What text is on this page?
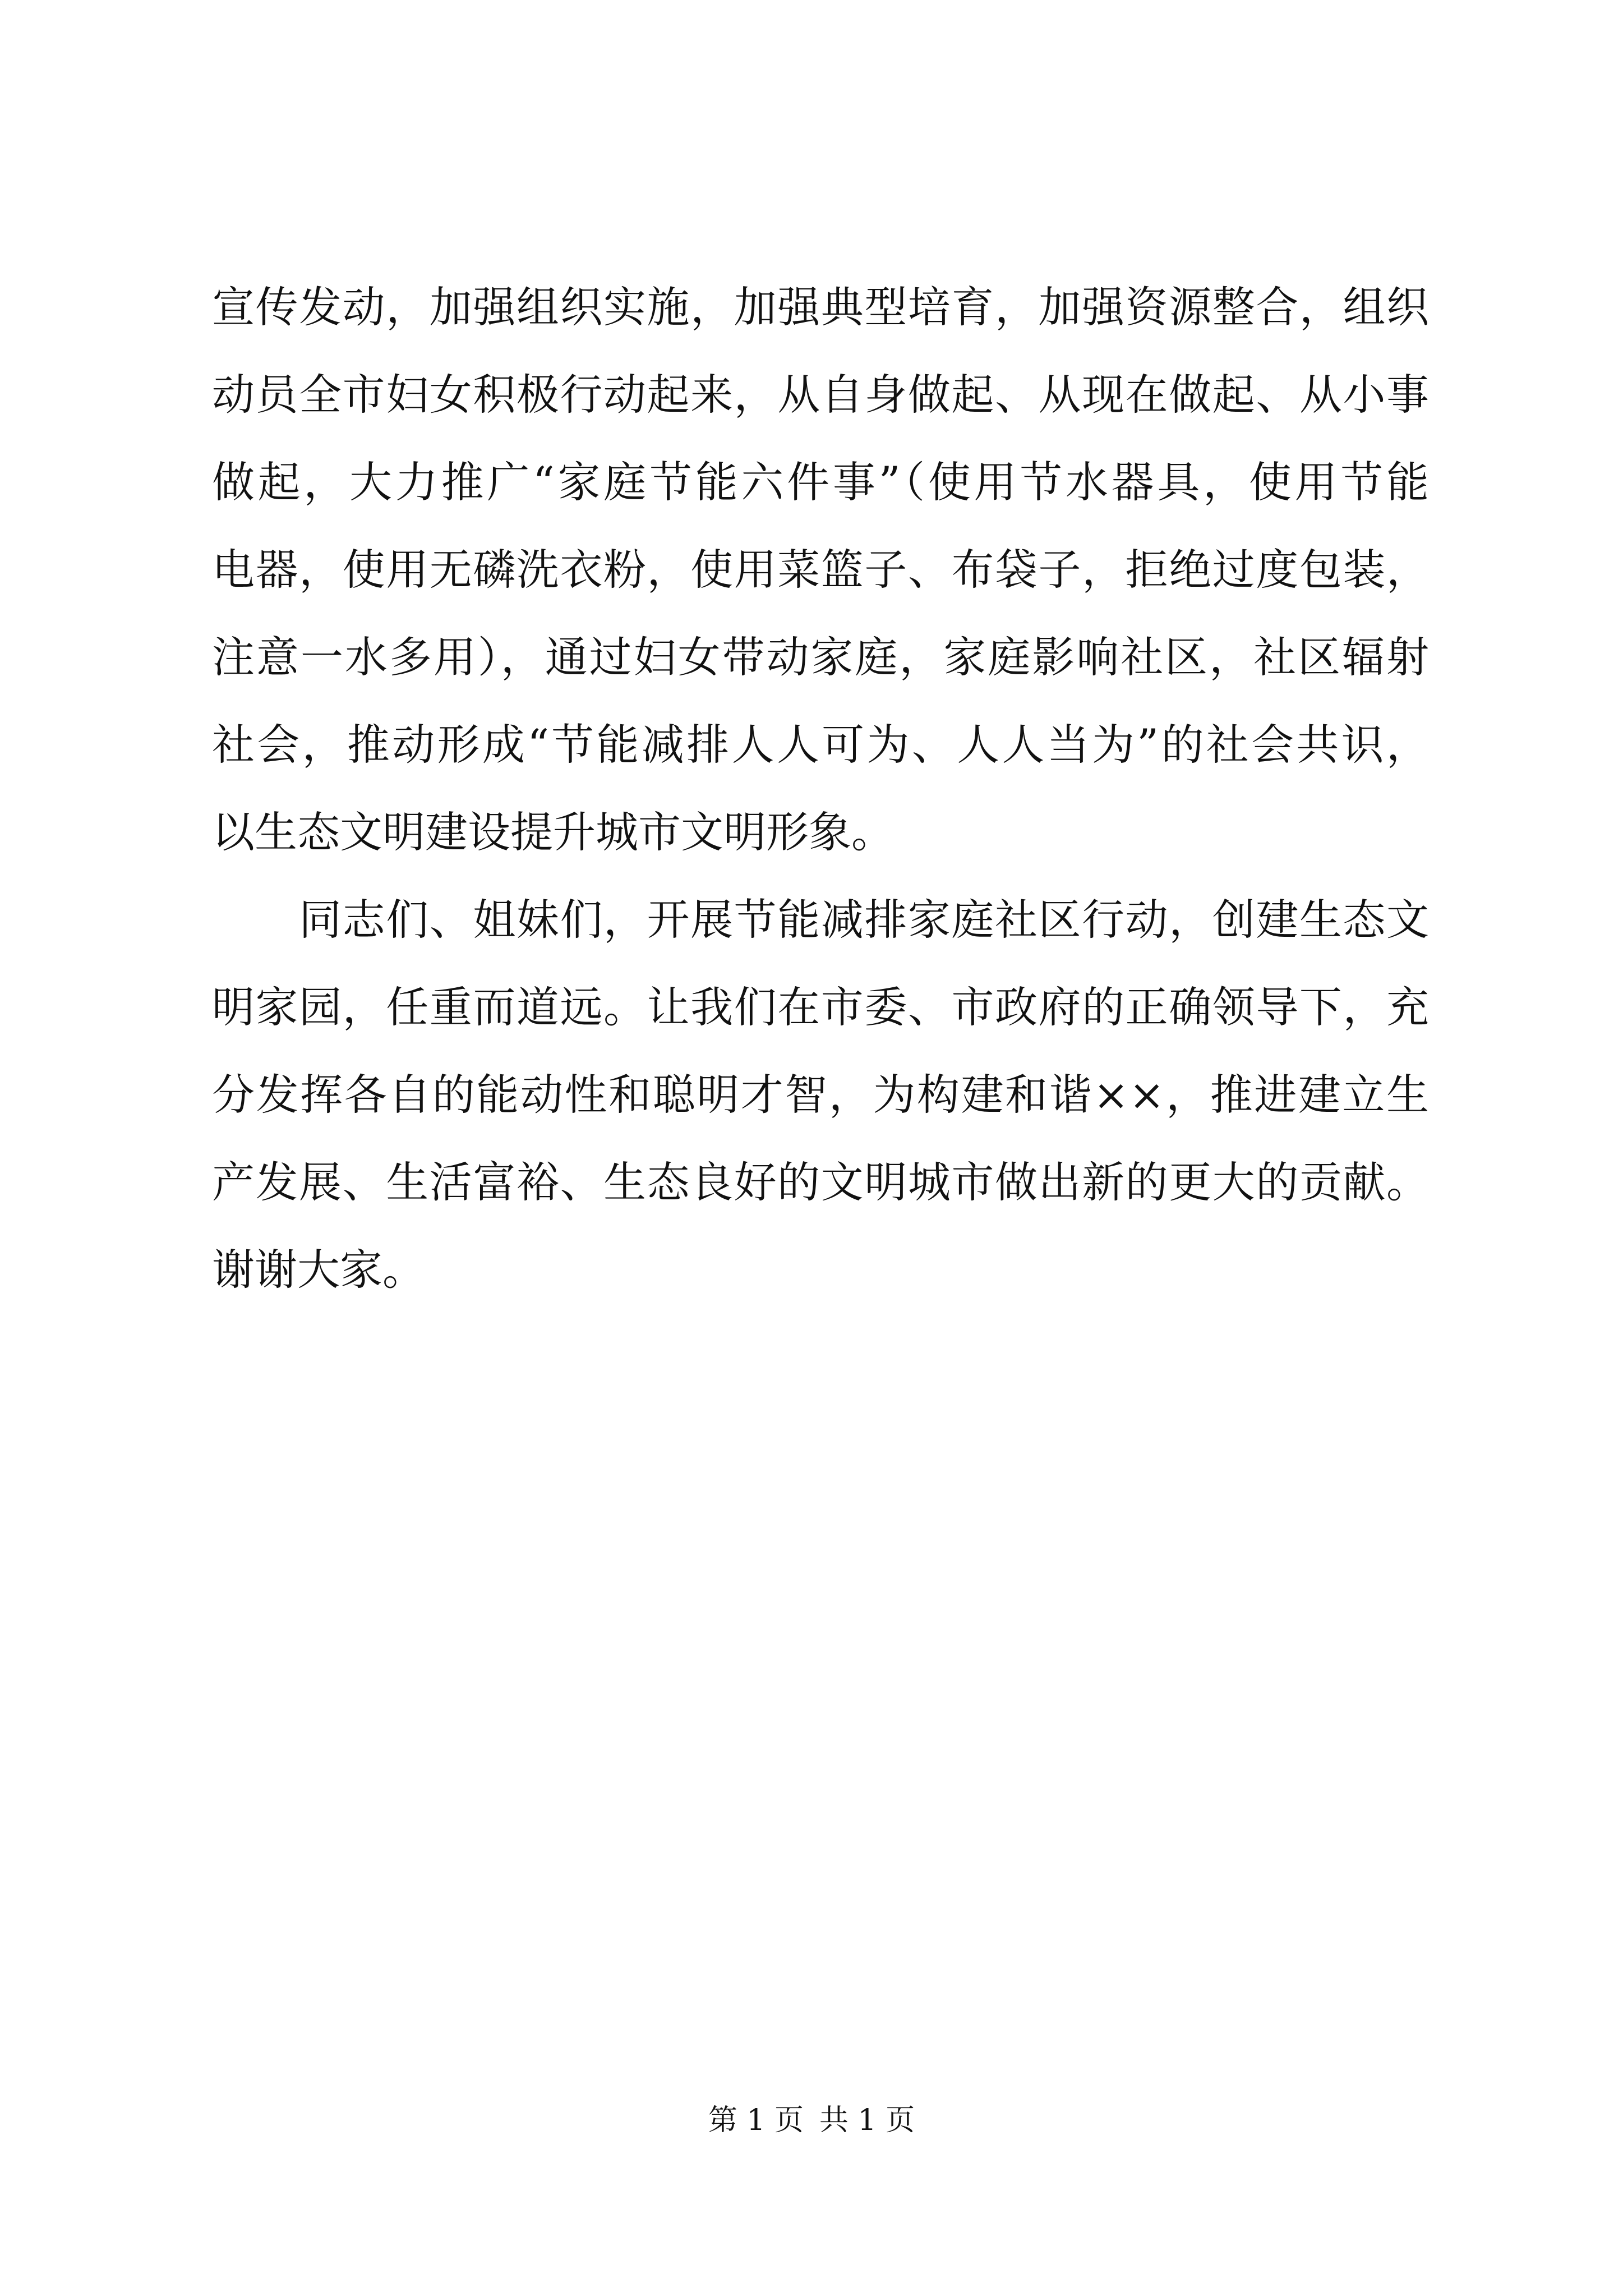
宣传发动，加强组织实施，加强典型培育，加强资源整合，组织
动员全市妇女积极行动起来，从自身做起、从现在做起、从小事
做起，大力推广“家庭节能六件事”（使用节水器具，使用节能
电器，使用无磷洗衣粉，使用菜篮子、布袋子，拒绝过度包装，
注意一水多用），通过妇女带动家庭，家庭影响社区，社区辐射
社会，推动形成“节能减排人人可为、人人当为”的社会共识，
以生态文明建设提升城市文明形象。
　　同志们、姐妹们，开展节能减排家庭社区行动，创建生态文
明家园，任重而道远。让我们在市委、市政府的正确领导下，充
分发挥各自的能动性和聪明才智，为构建和谐××，推进建立生
产发展、生活富裕、生态良好的文明城市做出新的更大的贡献。
谢谢大家。
第 1 页 共 1 页
